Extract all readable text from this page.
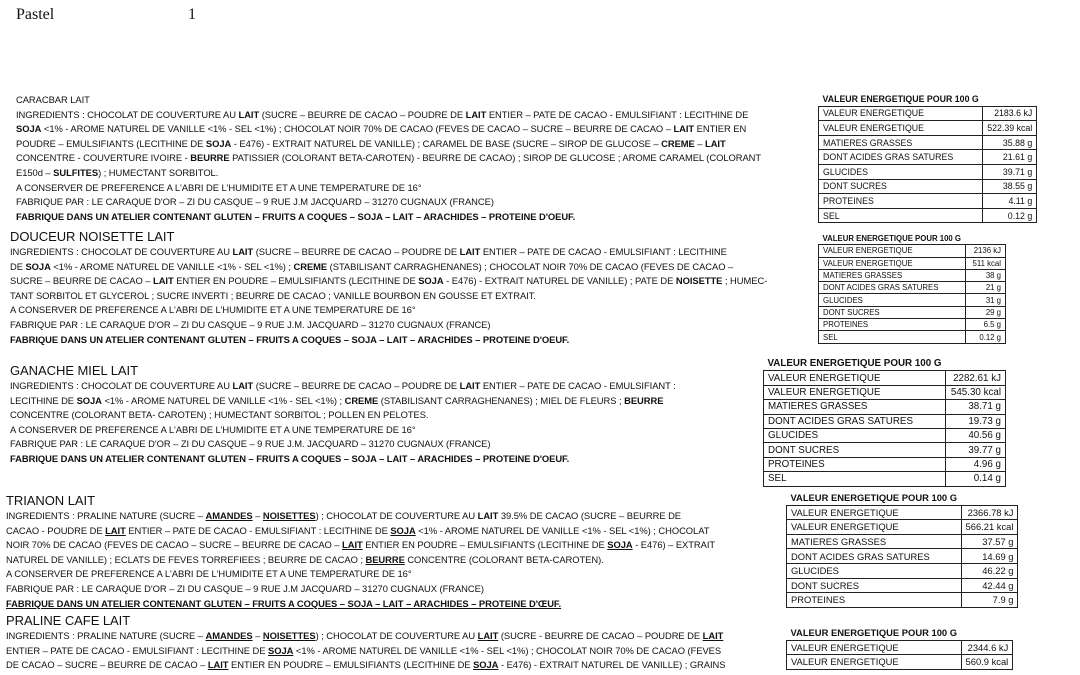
Pastel	1
CARACBAR LAIT
INGREDIENTS : CHOCOLAT DE COUVERTURE AU LAIT (SUCRE – BEURRE DE CACAO – POUDRE DE LAIT ENTIER – PATE DE CACAO - EMULSIFIANT : LECITHINE DE
SOJA <1% - AROME NATUREL DE VANILLE <1% - SEL <1%) ; CHOCOLAT NOIR 70% DE CACAO (FEVES DE CACAO – SUCRE – BEURRE DE CACAO – LAIT ENTIER EN
POUDRE – EMULSIFIANTS (LECITHINE DE SOJA - E476) - EXTRAIT NATUREL DE VANILLE) ; CARAMEL DE BASE (SUCRE – SIROP DE GLUCOSE – CREME – LAIT
CONCENTRE - COUVERTURE IVOIRE - BEURRE PATISSIER (COLORANT BETA-CAROTEN) - BEURRE DE CACAO) ; SIROP DE GLUCOSE ; AROME CARAMEL (COLORANT
E150d – SULFITES) ; HUMECTANT SORBITOL.
A CONSERVER DE PREFERENCE A L'ABRI DE L'HUMIDITE ET A UNE TEMPERATURE DE 16°
FABRIQUE PAR : LE CARAQUE D'OR – ZI DU CASQUE – 9 RUE J.M JACQUARD – 31270 CUGNAUX (FRANCE)
FABRIQUE DANS UN ATELIER CONTENANT GLUTEN – FRUITS A COQUES – SOJA – LAIT – ARACHIDES – PROTEINE D'OEUF.
VALEUR ENERGETIQUE POUR 100 G	
VALEUR ENERGETIQUE	2183.6 kJ
VALEUR ENERGETIQUE	522.39 kcal
MATIERES GRASSES	35.88 g
DONT ACIDES GRAS SATURES	21.61 g
GLUCIDES	39.71 g
DONT SUCRES	38.55 g
PROTEINES	4.11 g
SEL	0.12 g
DOUCEUR NOISETTE LAIT
INGREDIENTS : CHOCOLAT DE COUVERTURE AU LAIT (SUCRE – BEURRE DE CACAO – POUDRE DE LAIT ENTIER – PATE DE CACAO - EMULSIFIANT : LECITHINE
DE SOJA <1% - AROME NATUREL DE VANILLE <1% - SEL <1%) ; CREME (STABILISANT CARRAGHENANES) ; CHOCOLAT NOIR 70% DE CACAO (FEVES DE CACAO –
SUCRE – BEURRE DE CACAO – LAIT ENTIER EN POUDRE – EMULSIFIANTS (LECITHINE DE SOJA - E476) - EXTRAIT NATUREL DE VANILLE) ; PATE DE NOISETTE ; HUMEC-
TANT SORBITOL ET GLYCEROL ; SUCRE INVERTI ; BEURRE DE CACAO ; VANILLE BOURBON EN GOUSSE ET EXTRAIT.
A CONSERVER DE PREFERENCE A L'ABRI DE L'HUMIDITE ET A UNE TEMPERATURE DE 16°
FABRIQUE PAR : LE CARAQUE D'OR – ZI DU CASQUE – 9 RUE J.M. JACQUARD – 31270 CUGNAUX (FRANCE)
FABRIQUE DANS UN ATELIER CONTENANT GLUTEN – FRUITS A COQUES – SOJA – LAIT – ARACHIDES – PROTEINE D'OEUF.
VALEUR ENERGETIQUE POUR 100 G	
VALEUR ENERGETIQUE	2136 kJ
VALEUR ENERGETIQUE	511 kcal
MATIERES GRASSES	38 g
DONT ACIDES GRAS SATURES	21 g
GLUCIDES	31 g
DONT SUCRES	29 g
PROTEINES	6.5 g
SEL	0.12 g
GANACHE MIEL LAIT
INGREDIENTS : CHOCOLAT DE COUVERTURE AU LAIT (SUCRE – BEURRE DE CACAO – POUDRE DE LAIT ENTIER – PATE DE CACAO - EMULSIFIANT :
LECITHINE DE SOJA <1% - AROME NATUREL DE VANILLE <1% - SEL <1%) ; CREME (STABILISANT CARRAGHENANES) ; MIEL DE FLEURS ; BEURRE
CONCENTRE (COLORANT BETA- CAROTEN) ; HUMECTANT SORBITOL ; POLLEN EN PELOTES.
A CONSERVER DE PREFERENCE A L'ABRI DE L'HUMIDITE ET A UNE TEMPERATURE DE 16°
FABRIQUE PAR : LE CARAQUE D'OR – ZI DU CASQUE – 9 RUE J.M. JACQUARD – 31270 CUGNAUX (FRANCE)
FABRIQUE DANS UN ATELIER CONTENANT GLUTEN – FRUITS A COQUES – SOJA – LAIT – ARACHIDES – PROTEINE D'OEUF.
VALEUR ENERGETIQUE POUR 100 G	
VALEUR ENERGETIQUE	2282.61 kJ
VALEUR ENERGETIQUE	545.30 kcal
MATIERES GRASSES	38.71 g
DONT ACIDES GRAS SATURES	19.73 g
GLUCIDES	40.56 g
DONT SUCRES	39.77 g
PROTEINES	4.96 g
SEL	0.14 g
TRIANON LAIT
INGREDIENTS : PRALINE NATURE (SUCRE – AMANDES – NOISETTES) ; CHOCOLAT DE COUVERTURE AU LAIT 39.5% DE CACAO (SUCRE – BEURRE DE
CACAO - POUDRE DE LAIT ENTIER – PATE DE CACAO - EMULSIFIANT : LECITHINE DE SOJA <1% - AROME NATUREL DE VANILLE <1% - SEL <1%) ; CHOCOLAT
NOIR 70% DE CACAO (FEVES DE CACAO – SUCRE – BEURRE DE CACAO – LAIT ENTIER EN POUDRE – EMULSIFIANTS (LECITHINE DE SOJA - E476) – EXTRAIT
NATUREL DE VANILLE) ; ECLATS DE FEVES TORREFIEES ; BEURRE DE CACAO ; BEURRE CONCENTRE (COLORANT BETA-CAROTEN).
A CONSERVER DE PREFERENCE A L'ABRI DE L'HUMIDITE ET A UNE TEMPERATURE DE 16°
FABRIQUE PAR : LE CARAQUE D'OR – ZI DU CASQUE – 9 RUE J.M JACQUARD – 31270 CUGNAUX (FRANCE)
FABRIQUE DANS UN ATELIER CONTENANT GLUTEN – FRUITS A COQUES – SOJA – LAIT – ARACHIDES – PROTEINE D'ŒUF.
VALEUR ENERGETIQUE POUR 100 G	
VALEUR ENERGETIQUE	2366.78 kJ
VALEUR ENERGETIQUE	566.21 kcal
MATIERES GRASSES	37.57 g
DONT ACIDES GRAS SATURES	14.69 g
GLUCIDES	46.22 g
DONT SUCRES	42.44 g
PROTEINES	7.9 g
PRALINE CAFE LAIT
INGREDIENTS : PRALINE NATURE (SUCRE – AMANDES – NOISETTES) ; CHOCOLAT DE COUVERTURE AU LAIT (SUCRE - BEURRE DE CACAO – POUDRE DE LAIT
ENTIER – PATE DE CACAO - EMULSIFIANT : LECITHINE DE SOJA <1% - AROME NATUREL DE VANILLE <1% - SEL <1%) ; CHOCOLAT NOIR 70% DE CACAO (FEVES
DE CACAO – SUCRE – BEURRE DE CACAO – LAIT ENTIER EN POUDRE – EMULSIFIANTS (LECITHINE DE SOJA - E476) - EXTRAIT NATUREL DE VANILLE) ; GRAINS
VALEUR ENERGETIQUE POUR 100 G	
VALEUR ENERGETIQUE	2344.6 kJ
VALEUR ENERGETIQUE	560.9 kcal
